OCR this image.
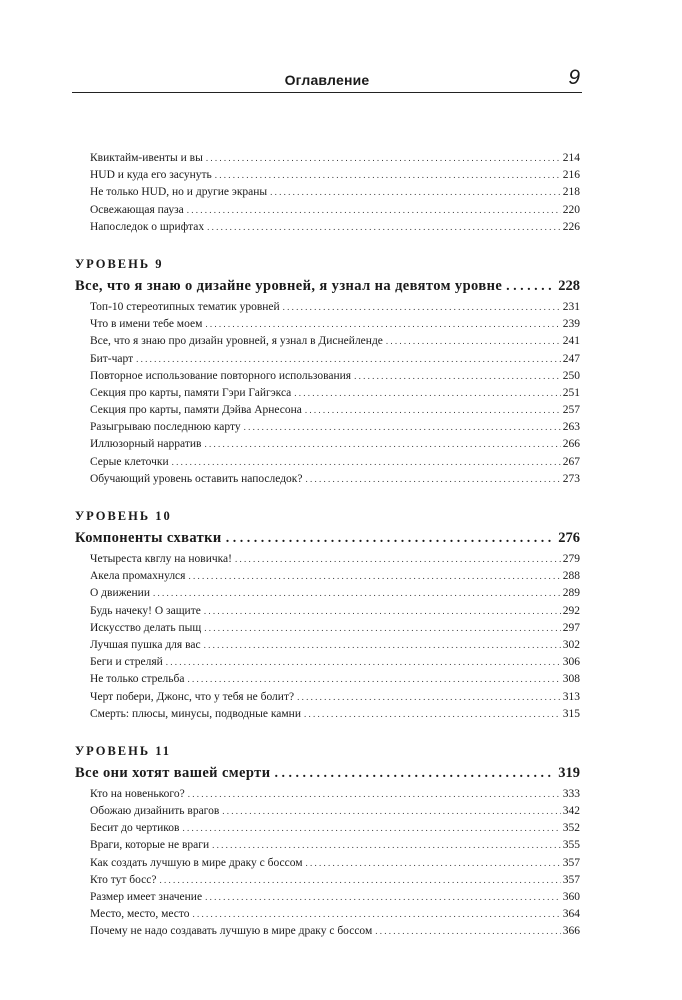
Оглавление	9
Квиктайм-ивенты и вы . . .	214
HUD и куда его засунуть . . .	216
Не только HUD, но и другие экраны . . .	218
Освежающая пауза . . .	220
Напоследок о шрифтах . . .	226
УРОВЕНЬ 9
Все, что я знаю о дизайне уровней, я узнал на девятом уровне . . .	228
Топ-10 стереотипных тематик уровней . . .	231
Что в имени тебе моем . . .	239
Все, что я знаю про дизайн уровней, я узнал в Диснейленде . . .	241
Бит-чарт . . .	247
Повторное использование повторного использования . . .	250
Секция про карты, памяти Гэри Гайгэкса . . .	251
Секция про карты, памяти Дэйва Арнесона . . .	257
Разыгрываю последнюю карту . . .	263
Иллюзорный нарратив . . .	266
Серые клеточки . . .	267
Обучающий уровень оставить напоследок? . . .	273
УРОВЕНЬ 10
Компоненты схватки . . .	276
Четыреста квглу на новичка! . . .	279
Акела промахнулся . . .	288
О движении . . .	289
Будь начеку! О защите . . .	292
Искусство делать пыщ . . .	297
Лучшая пушка для вас . . .	302
Беги и стреляй . . .	306
Не только стрельба . . .	308
Черт побери, Джонс, что у тебя не болит? . . .	313
Смерть: плюсы, минусы, подводные камни . . .	315
УРОВЕНЬ 11
Все они хотят вашей смерти . . .	319
Кто на новенького? . . .	333
Обожаю дизайнить врагов . . .	342
Бесит до чертиков . . .	352
Враги, которые не враги . . .	355
Как создать лучшую в мире драку с боссом . . .	357
Кто тут босс? . . .	357
Размер имеет значение . . .	360
Место, место, место . . .	364
Почему не надо создавать лучшую в мире драку с боссом . . .	366
